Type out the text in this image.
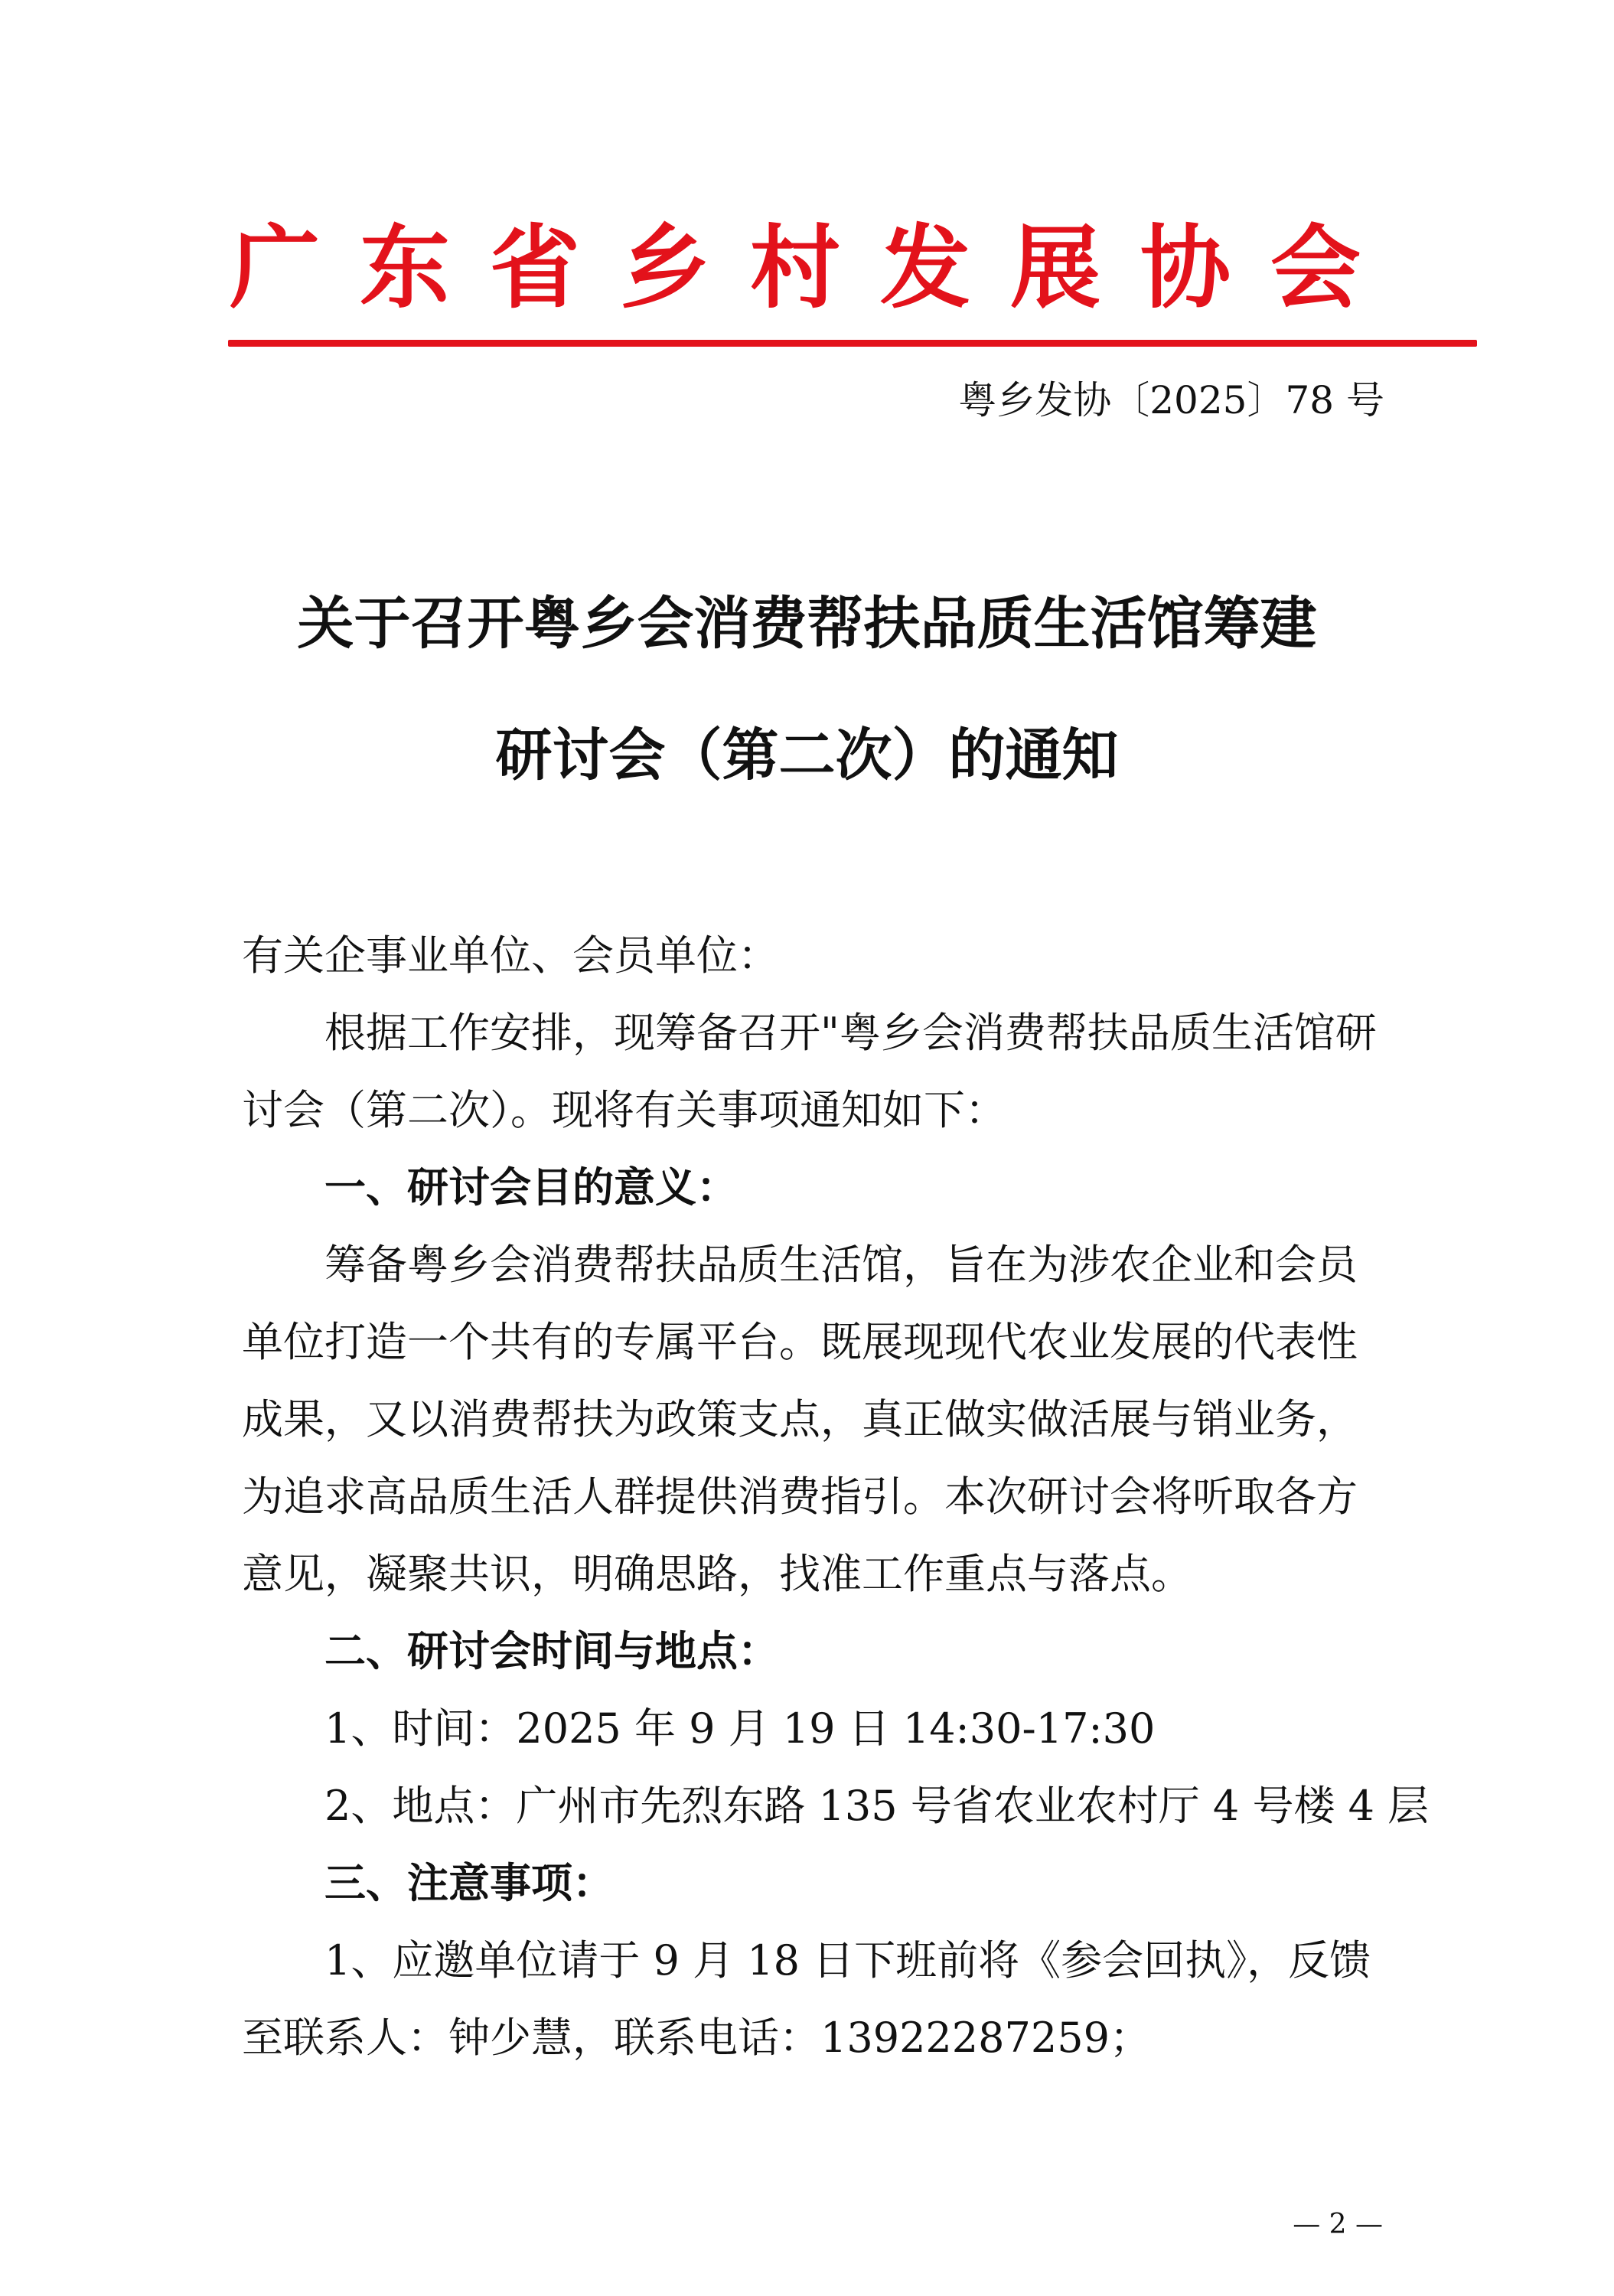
广东省乡村发展协会
粤乡发协〔2025〕78 号
关于召开粤乡会消费帮扶品质生活馆筹建
研讨会（第二次）的通知
有关企事业单位、会员单位：
根据工作安排，现筹备召开"粤乡会消费帮扶品质生活馆研
讨会（第二次）。现将有关事项通知如下：
一、研讨会目的意义：
筹备粤乡会消费帮扶品质生活馆，旨在为涉农企业和会员
单位打造一个共有的专属平台。既展现现代农业发展的代表性
成果，又以消费帮扶为政策支点，真正做实做活展与销业务，
为追求高品质生活人群提供消费指引。本次研讨会将听取各方
意见，凝聚共识，明确思路，找准工作重点与落点。
二、研讨会时间与地点：
1、时间：2025 年 9 月 19 日 14:30-17:30
2、地点：广州市先烈东路 135 号省农业农村厅 4 号楼 4 层
三、注意事项：
1、应邀单位请于 9 月 18 日下班前将《参会回执》，反馈
至联系人：钟少慧，联系电话：13922287259；
— 2 —
